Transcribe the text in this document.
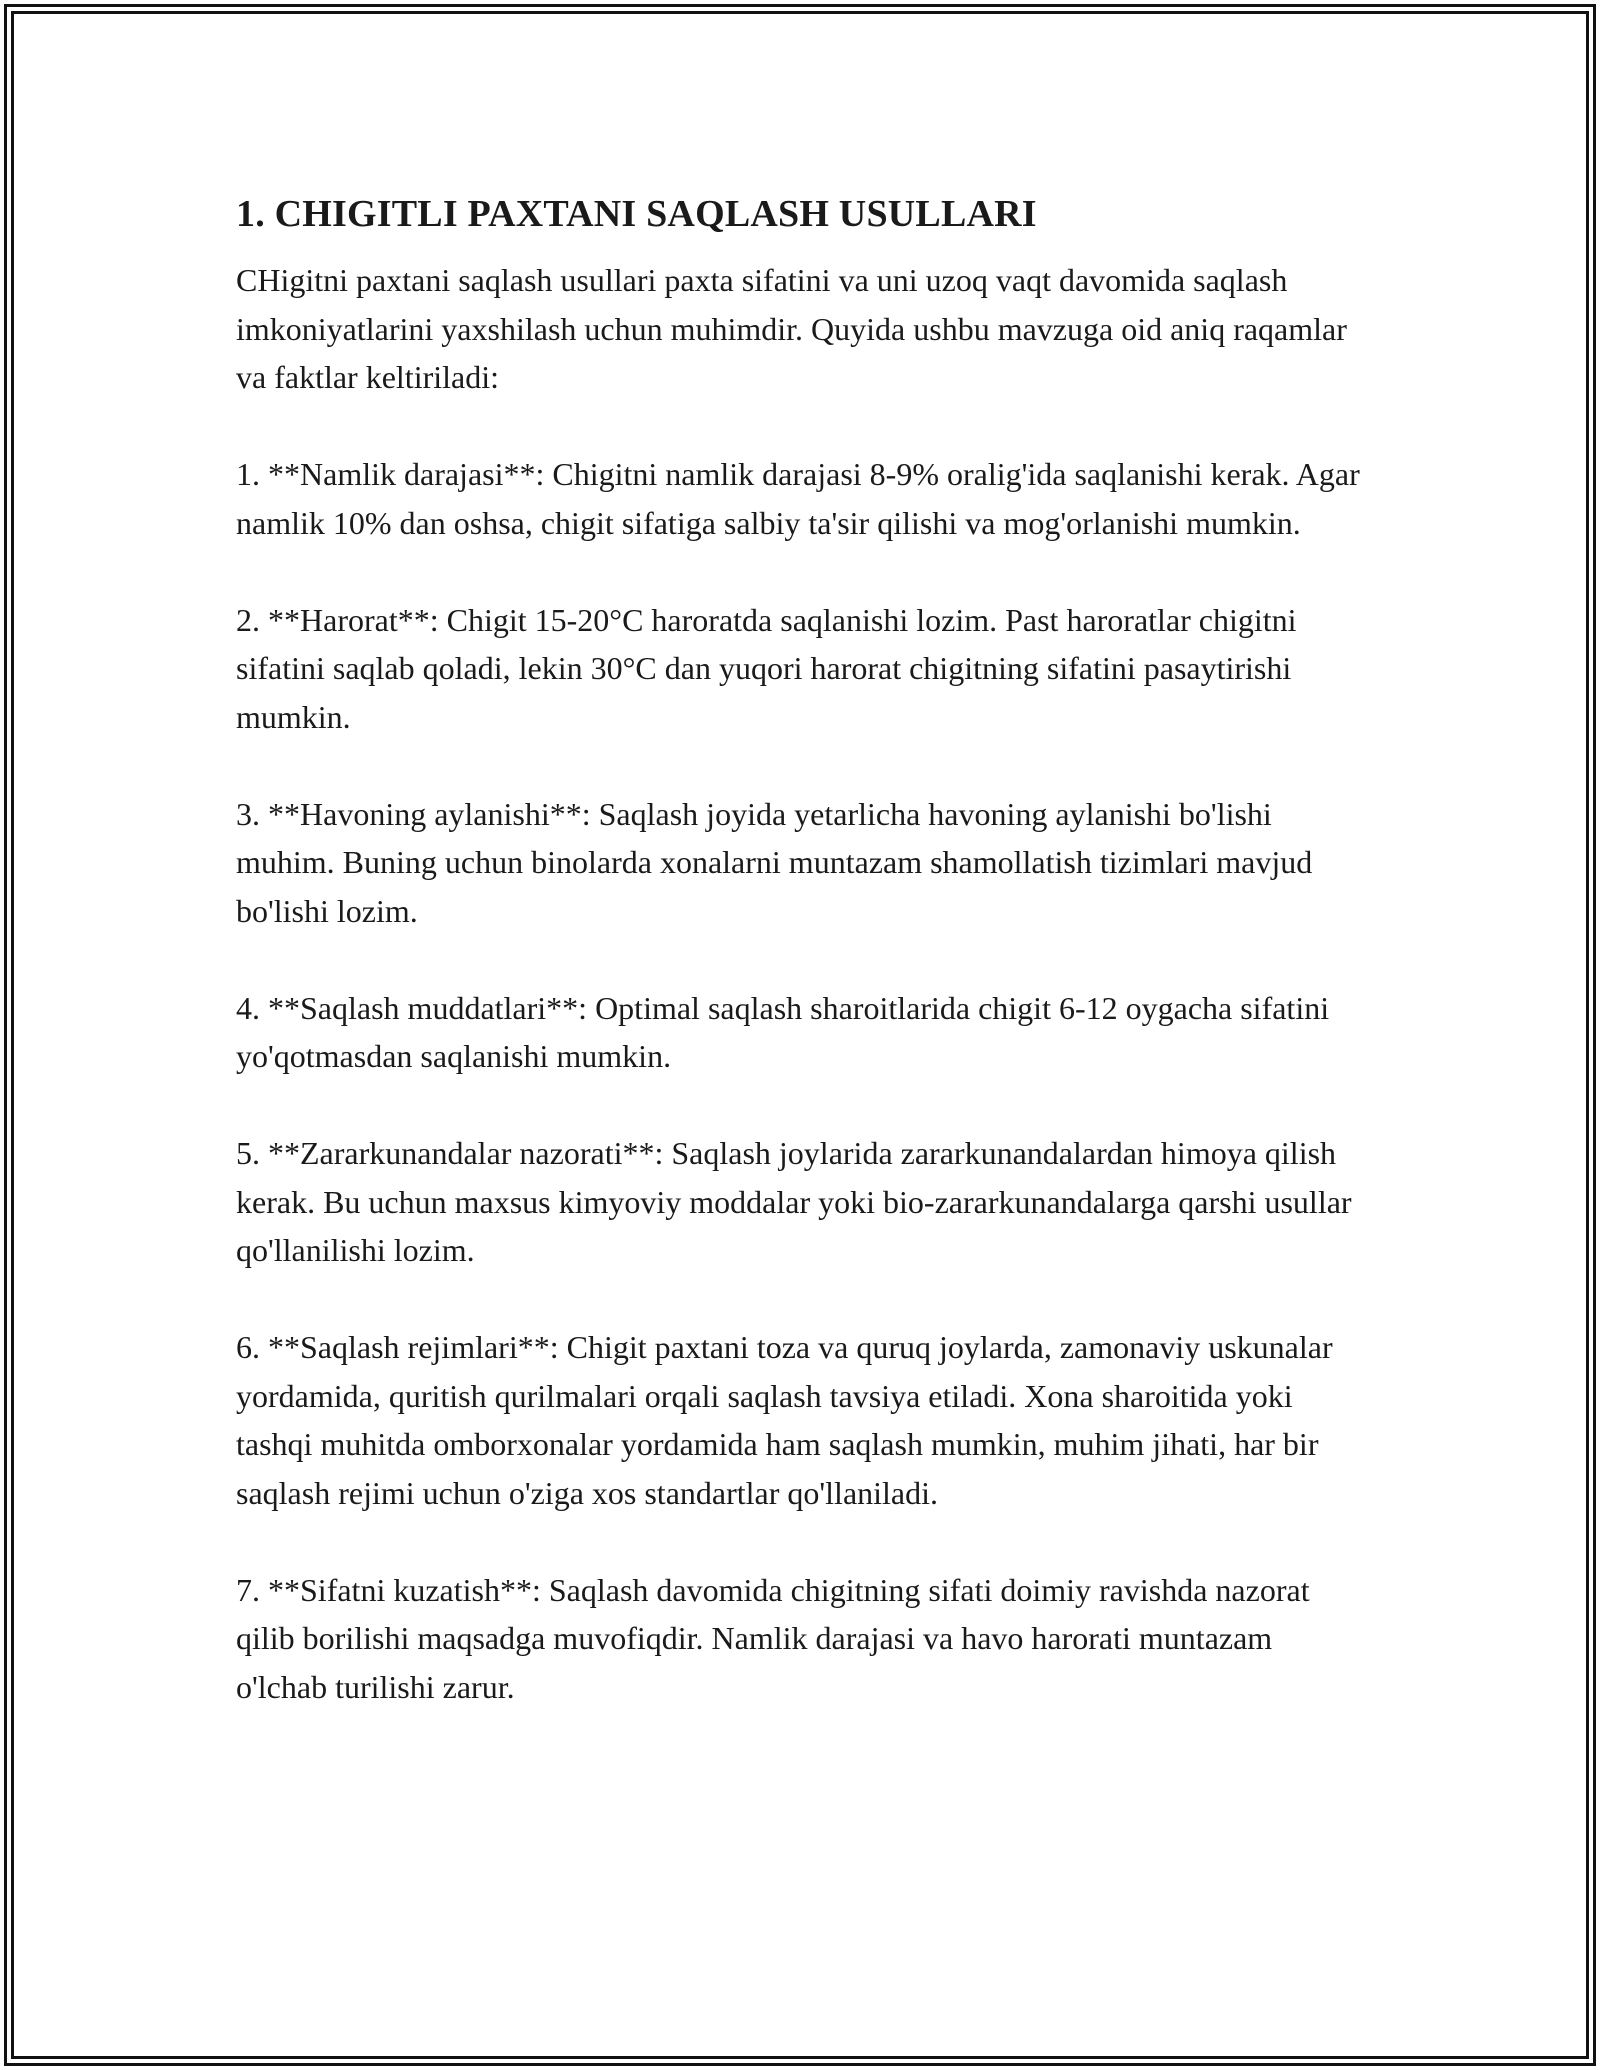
1. CHIGITLI PAXTANI SAQLASH USULLARI

CHigitni paxtani saqlash usullari paxta sifatini va uni uzoq vaqt davomida saqlash imkoniyatlarini yaxshilash uchun muhimdir. Quyida ushbu mavzuga oid aniq raqamlar va faktlar keltiriladi:

1. **Namlik darajasi**: Chigitni namlik darajasi 8-9% oralig'ida saqlanishi kerak. Agar namlik 10% dan oshsa, chigit sifatiga salbiy ta'sir qilishi va mog'orlanishi mumkin.
2. **Harorat**: Chigit 15-20°C haroratda saqlanishi lozim. Past haroratlar chigitni sifatini saqlab qoladi, lekin 30°C dan yuqori harorat chigitning sifatini pasaytirishi mumkin.
3. **Havoning aylanishi**: Saqlash joyida yetarlicha havoning aylanishi bo'lishi muhim. Buning uchun binolarda xonalarni muntazam shamollatish tizimlari mavjud bo'lishi lozim.
4. **Saqlash muddatlari**: Optimal saqlash sharoitlarida chigit 6-12 oygacha sifatini yo'qotmasdan saqlanishi mumkin.
5. **Zararkunandalar nazorati**: Saqlash joylarida zararkunandalardan himoya qilish kerak. Bu uchun maxsus kimyoviy moddalar yoki bio-zararkunandalarga qarshi usullar qo'llanilishi lozim.
6. **Saqlash rejimlari**: Chigit paxtani toza va quruq joylarda, zamonaviy uskunalar yordamida, quritish qurilmalari orqali saqlash tavsiya etiladi. Xona sharoitida yoki tashqi muhitda omborxonalar yordamida ham saqlash mumkin, muhim jihati, har bir saqlash rejimi uchun o'ziga xos standartlar qo'llaniladi.
7. **Sifatni kuzatish**: Saqlash davomida chigitning sifati doimiy ravishda nazorat qilib borilishi maqsadga muvofiqdir. Namlik darajasi va havo harorati muntazam o'lchab turilishi zarur.
